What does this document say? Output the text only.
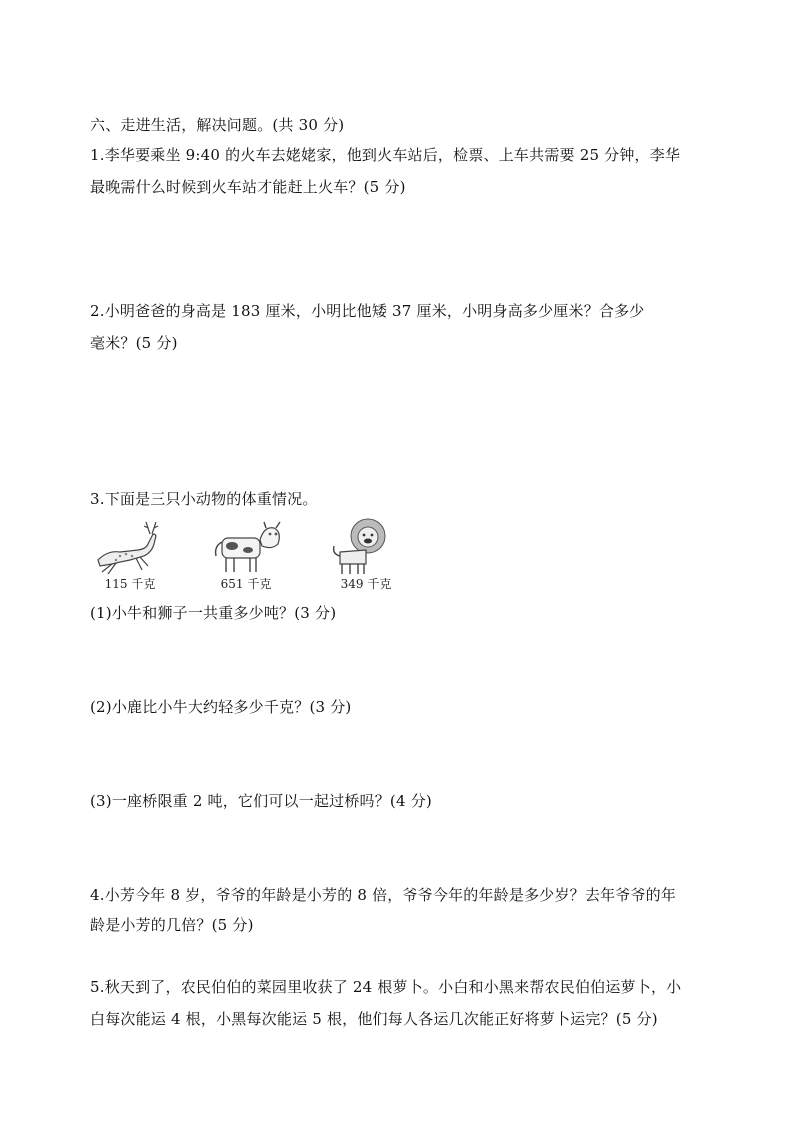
六、走进生活，解决问题。(共 30 分)
1.李华要乘坐 9:40 的火车去姥姥家，他到火车站后，检票、上车共需要 25 分钟，李华
最晚需什么时候到火车站才能赶上火车？(5 分)
2.小明爸爸的身高是 183 厘米，小明比他矮 37 厘米，小明身高多少厘米？合多少
毫米？(5 分)
3.下面是三只小动物的体重情况。
115 千克	651 千克	349 千克
(1)小牛和狮子一共重多少吨？(3 分)
(2)小鹿比小牛大约轻多少千克？(3 分)
(3)一座桥限重 2 吨，它们可以一起过桥吗？(4 分)
4.小芳今年 8 岁，爷爷的年龄是小芳的 8 倍，爷爷今年的年龄是多少岁？去年爷爷的年
龄是小芳的几倍？(5 分)
5.秋天到了，农民伯伯的菜园里收获了 24 根萝卜。小白和小黑来帮农民伯伯运萝卜，小
白每次能运 4 根，小黑每次能运 5 根，他们每人各运几次能正好将萝卜运完？(5 分)
